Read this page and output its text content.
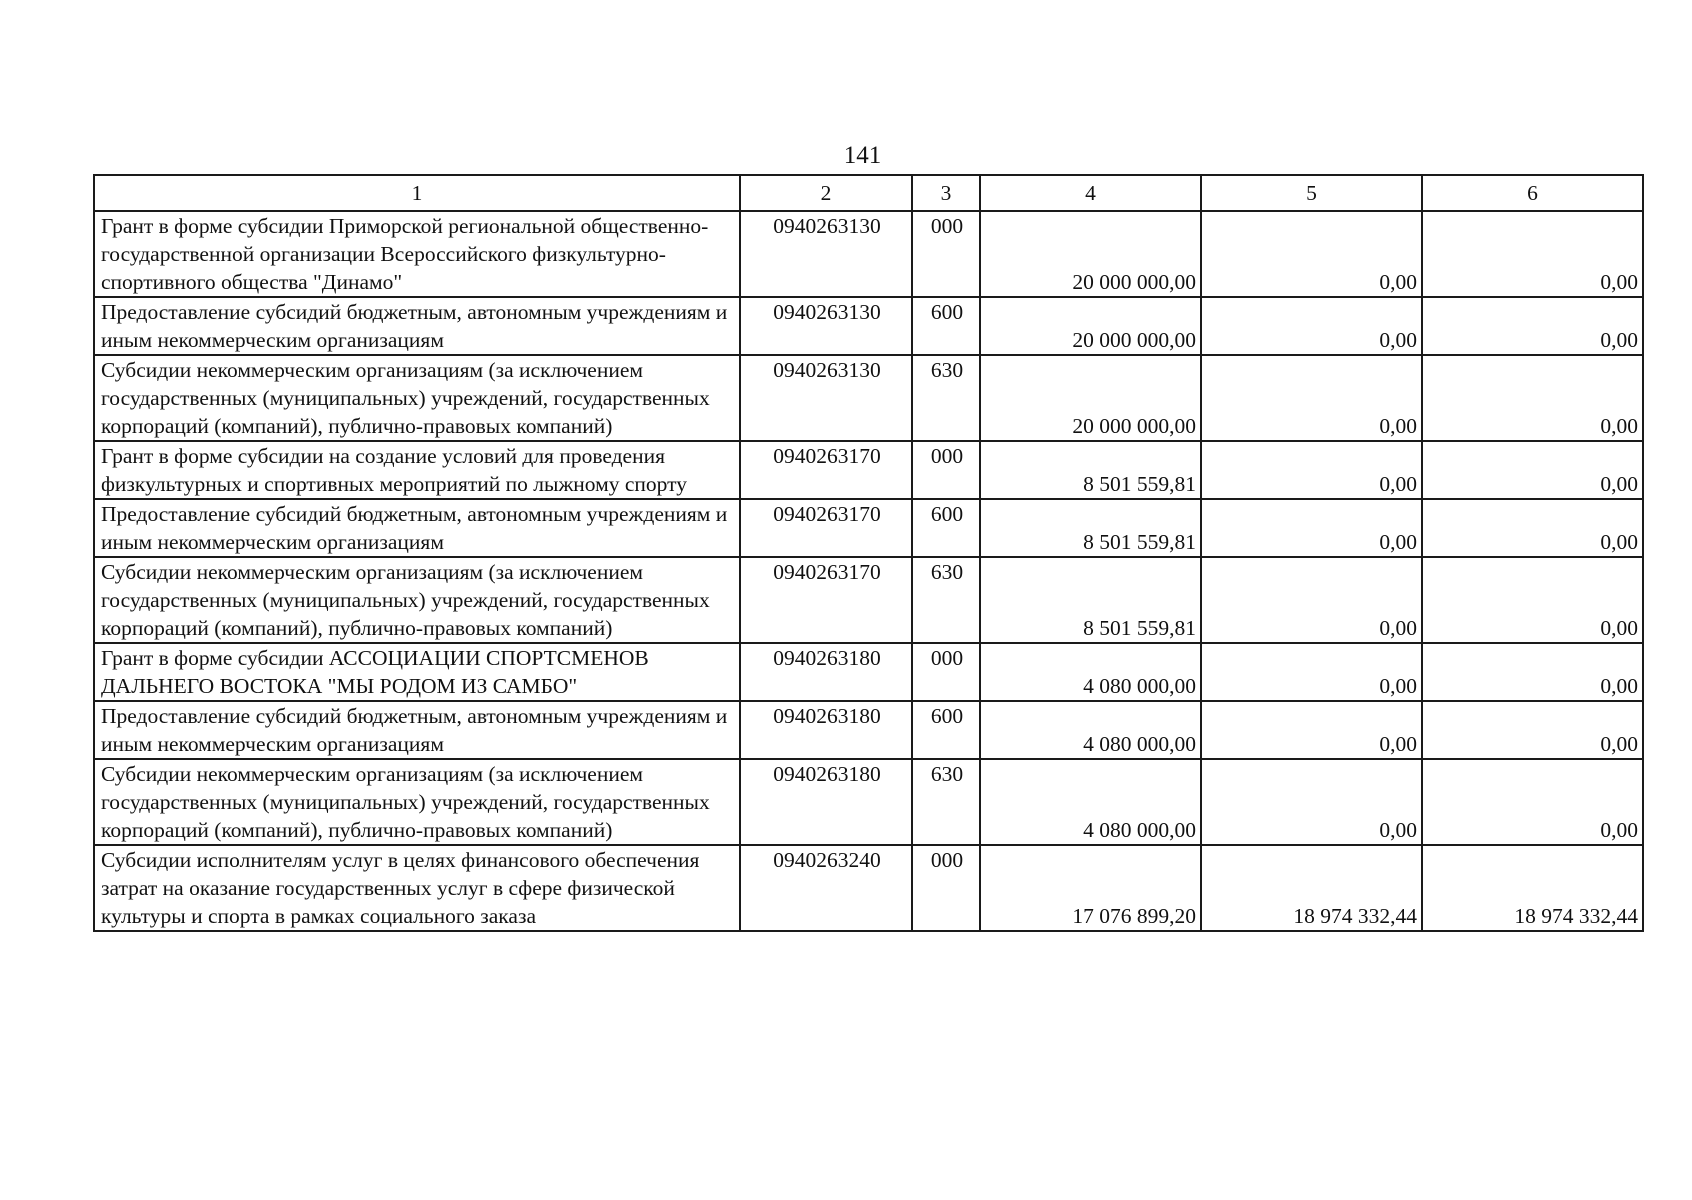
141
1	2	3	4	5	6
Грант в форме субсидии Приморской региональной общественно-государственной организации Всероссийского физкультурно-спортивного общества "Динамо"	0940263130	000	20 000 000,00	0,00	0,00
Предоставление субсидий бюджетным, автономным учреждениям и иным некоммерческим организациям	0940263130	600	20 000 000,00	0,00	0,00
Субсидии некоммерческим организациям (за исключением государственных (муниципальных) учреждений, государственных корпораций (компаний), публично-правовых компаний)	0940263130	630	20 000 000,00	0,00	0,00
Грант в форме субсидии на создание условий для проведения физкультурных и спортивных мероприятий по лыжному спорту	0940263170	000	8 501 559,81	0,00	0,00
Предоставление субсидий бюджетным, автономным учреждениям и иным некоммерческим организациям	0940263170	600	8 501 559,81	0,00	0,00
Субсидии некоммерческим организациям (за исключением государственных (муниципальных) учреждений, государственных корпораций (компаний), публично-правовых компаний)	0940263170	630	8 501 559,81	0,00	0,00
Грант в форме субсидии АССОЦИАЦИИ СПОРТСМЕНОВ ДАЛЬНЕГО ВОСТОКА "МЫ РОДОМ ИЗ САМБО"	0940263180	000	4 080 000,00	0,00	0,00
Предоставление субсидий бюджетным, автономным учреждениям и иным некоммерческим организациям	0940263180	600	4 080 000,00	0,00	0,00
Субсидии некоммерческим организациям (за исключением государственных (муниципальных) учреждений, государственных корпораций (компаний), публично-правовых компаний)	0940263180	630	4 080 000,00	0,00	0,00
Субсидии исполнителям услуг в целях финансового обеспечения затрат на оказание государственных услуг в сфере физической культуры и спорта в рамках социального заказа	0940263240	000	17 076 899,20	18 974 332,44	18 974 332,44
